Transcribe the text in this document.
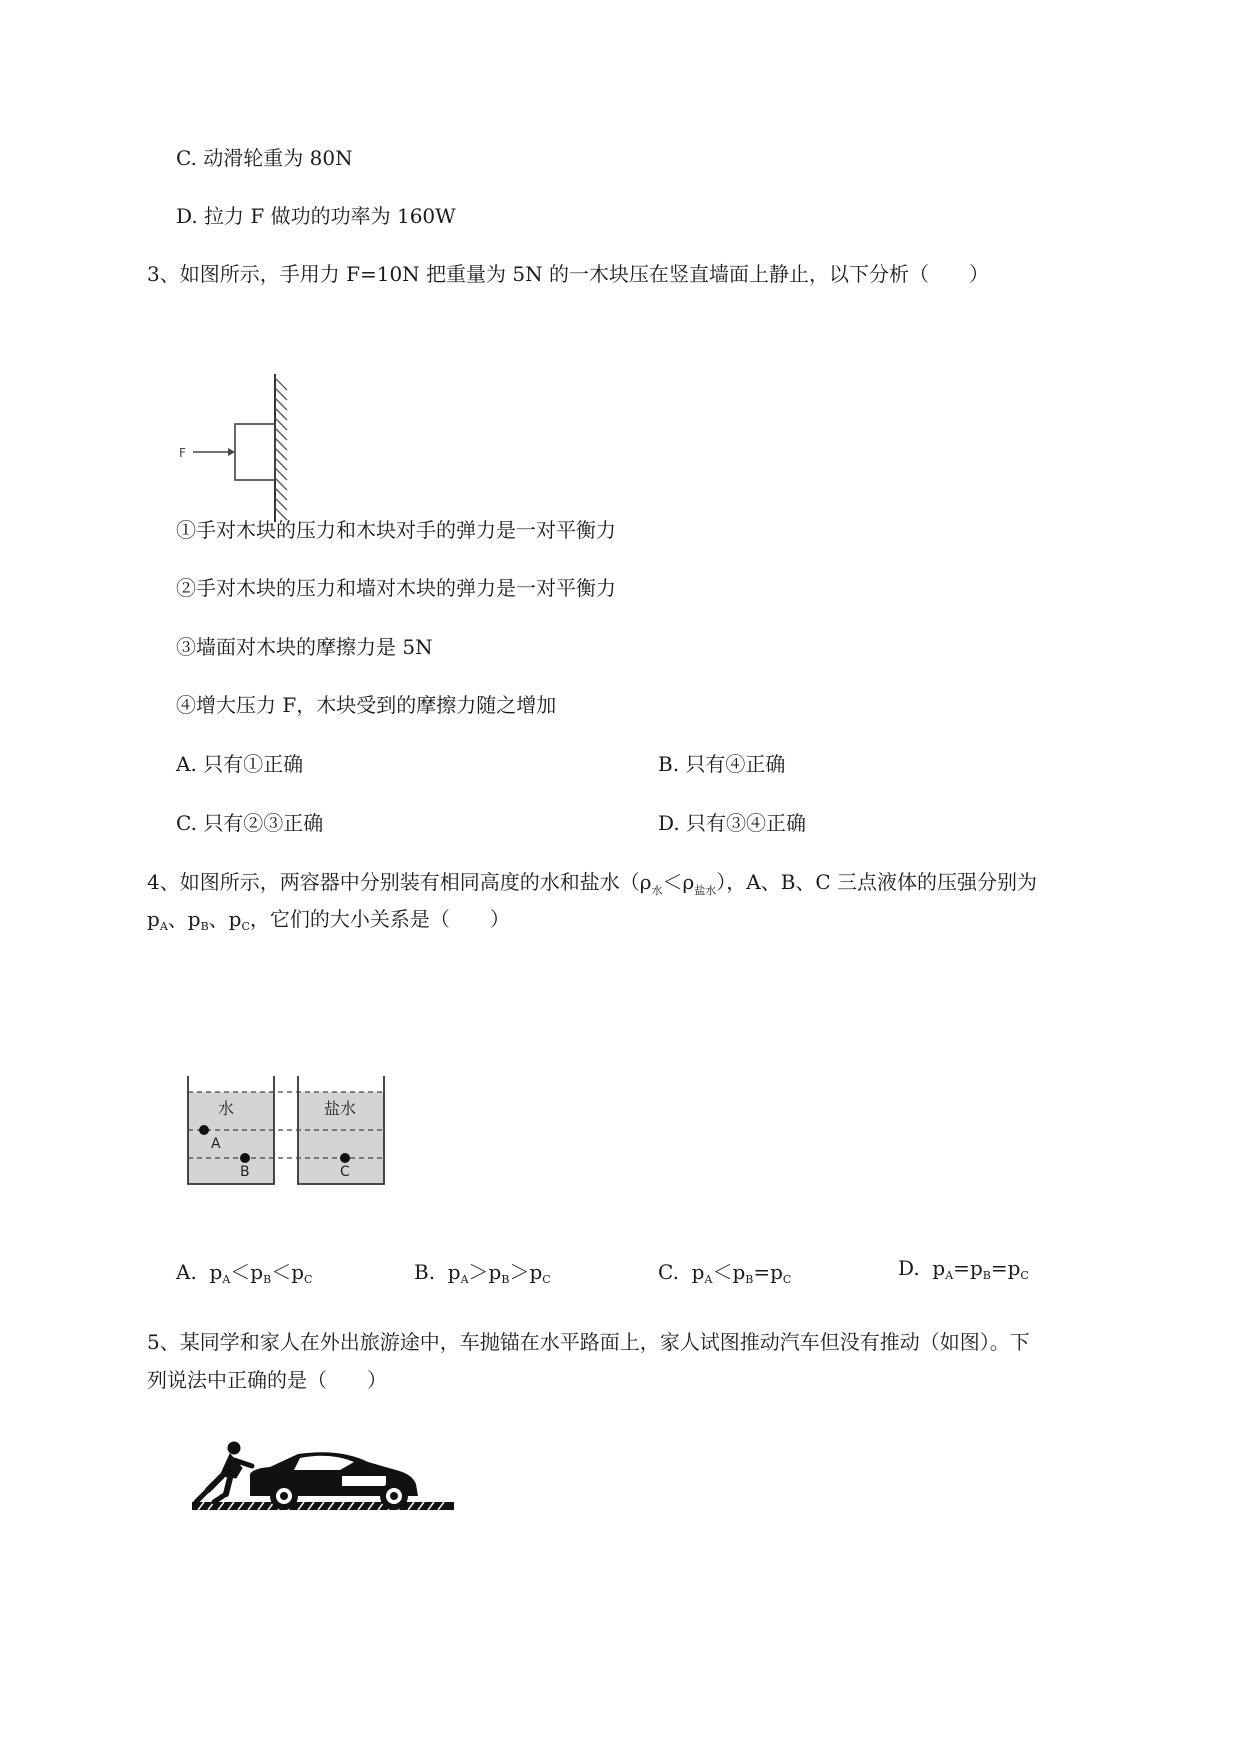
C. 动滑轮重为 80N
D. 拉力 F 做功的功率为 160W
3、如图所示，手用力 F=10N 把重量为 5N 的一木块压在竖直墙面上静止，以下分析（　　）
F
①手对木块的压力和木块对手的弹力是一对平衡力
②手对木块的压力和墙对木块的弹力是一对平衡力
③墙面对木块的摩擦力是 5N
④增大压力 F，木块受到的摩擦力随之增加
A. 只有①正确	B. 只有④正确
C. 只有②③正确	D. 只有③④正确
4、如图所示，两容器中分别装有相同高度的水和盐水$(\rho_水<\rho_{盐水})$，A、B、C 三点液体的压强分别为
$p_A$、$p_B$、$p_C$，它们的大小关系是（　　）
水	盐水
A
B	C
A. $p_A<p_B<p_C$	B. $p_A>p_B>p_C$	C. $p_A<p_B=p_C$	D. $p_A=p_B=p_C$
5、某同学和家人在外出旅游途中，车抛锚在水平路面上，家人试图推动汽车但没有推动（如图）。下
列说法中正确的是（　　）
